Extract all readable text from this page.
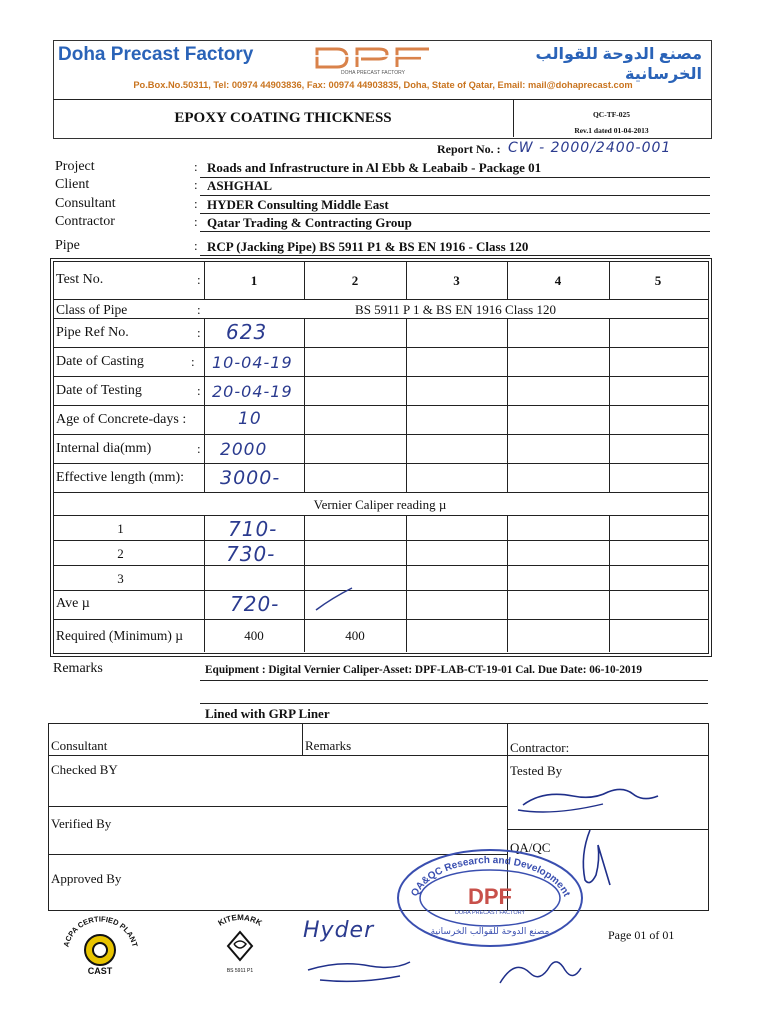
Doha Precast Factory
DOHA PRECAST FACTORY
مصنع الدوحة للقوالب الخرسانية
Po.Box.No.50311, Tel: 00974 44903836, Fax: 00974 44903835, Doha, State of Qatar, Email: mail@dohaprecast.com
EPOXY COATING THICKNESS	QC-TF-025
Rev.1 dated 01-04-2013
Report No. : CW - 2000/2400-001
Project	: Roads and Infrastructure in Al Ebb & Leabaib - Package 01
Client	: ASHGHAL
Consultant	: HYDER Consulting Middle East
Contractor	: Qatar Trading & Contracting Group
Pipe	: RCP (Jacking Pipe) BS 5911 P1 & BS EN 1916 - Class 120
Test No.	:	1	2	3	4	5
Class of Pipe	:	BS 5911 P 1 & BS EN 1916 Class 120
Pipe Ref No.	: 623
Date of Casting	: 10-04-19
Date of Testing	: 20-04-19
Age of Concrete-days :	10
Internal dia(mm)	: 2000
Effective length (mm): 3000-
Vernier Caliper reading µ
1	710-
2	730-
3
Ave µ	720-
Required (Minimum) µ	400	400
Remarks	Equipment : Digital Vernier Caliper-Asset: DPF-LAB-CT-19-01 Cal. Due Date: 06-10-2019
Lined with GRP Liner
Consultant	Remarks	Contractor:
Checked BY	Tested By
Verified By
QA/QC
Approved By
QA&QC Research and Development
DPF
DOHA PRECAST FACTORY
مصنع الدوحة للقوالب الخرسانية
ACPA CERTIFIED PLANT
CAST
KITEMARK
BS 5911 P1
Hyder	Page 01 of 01
